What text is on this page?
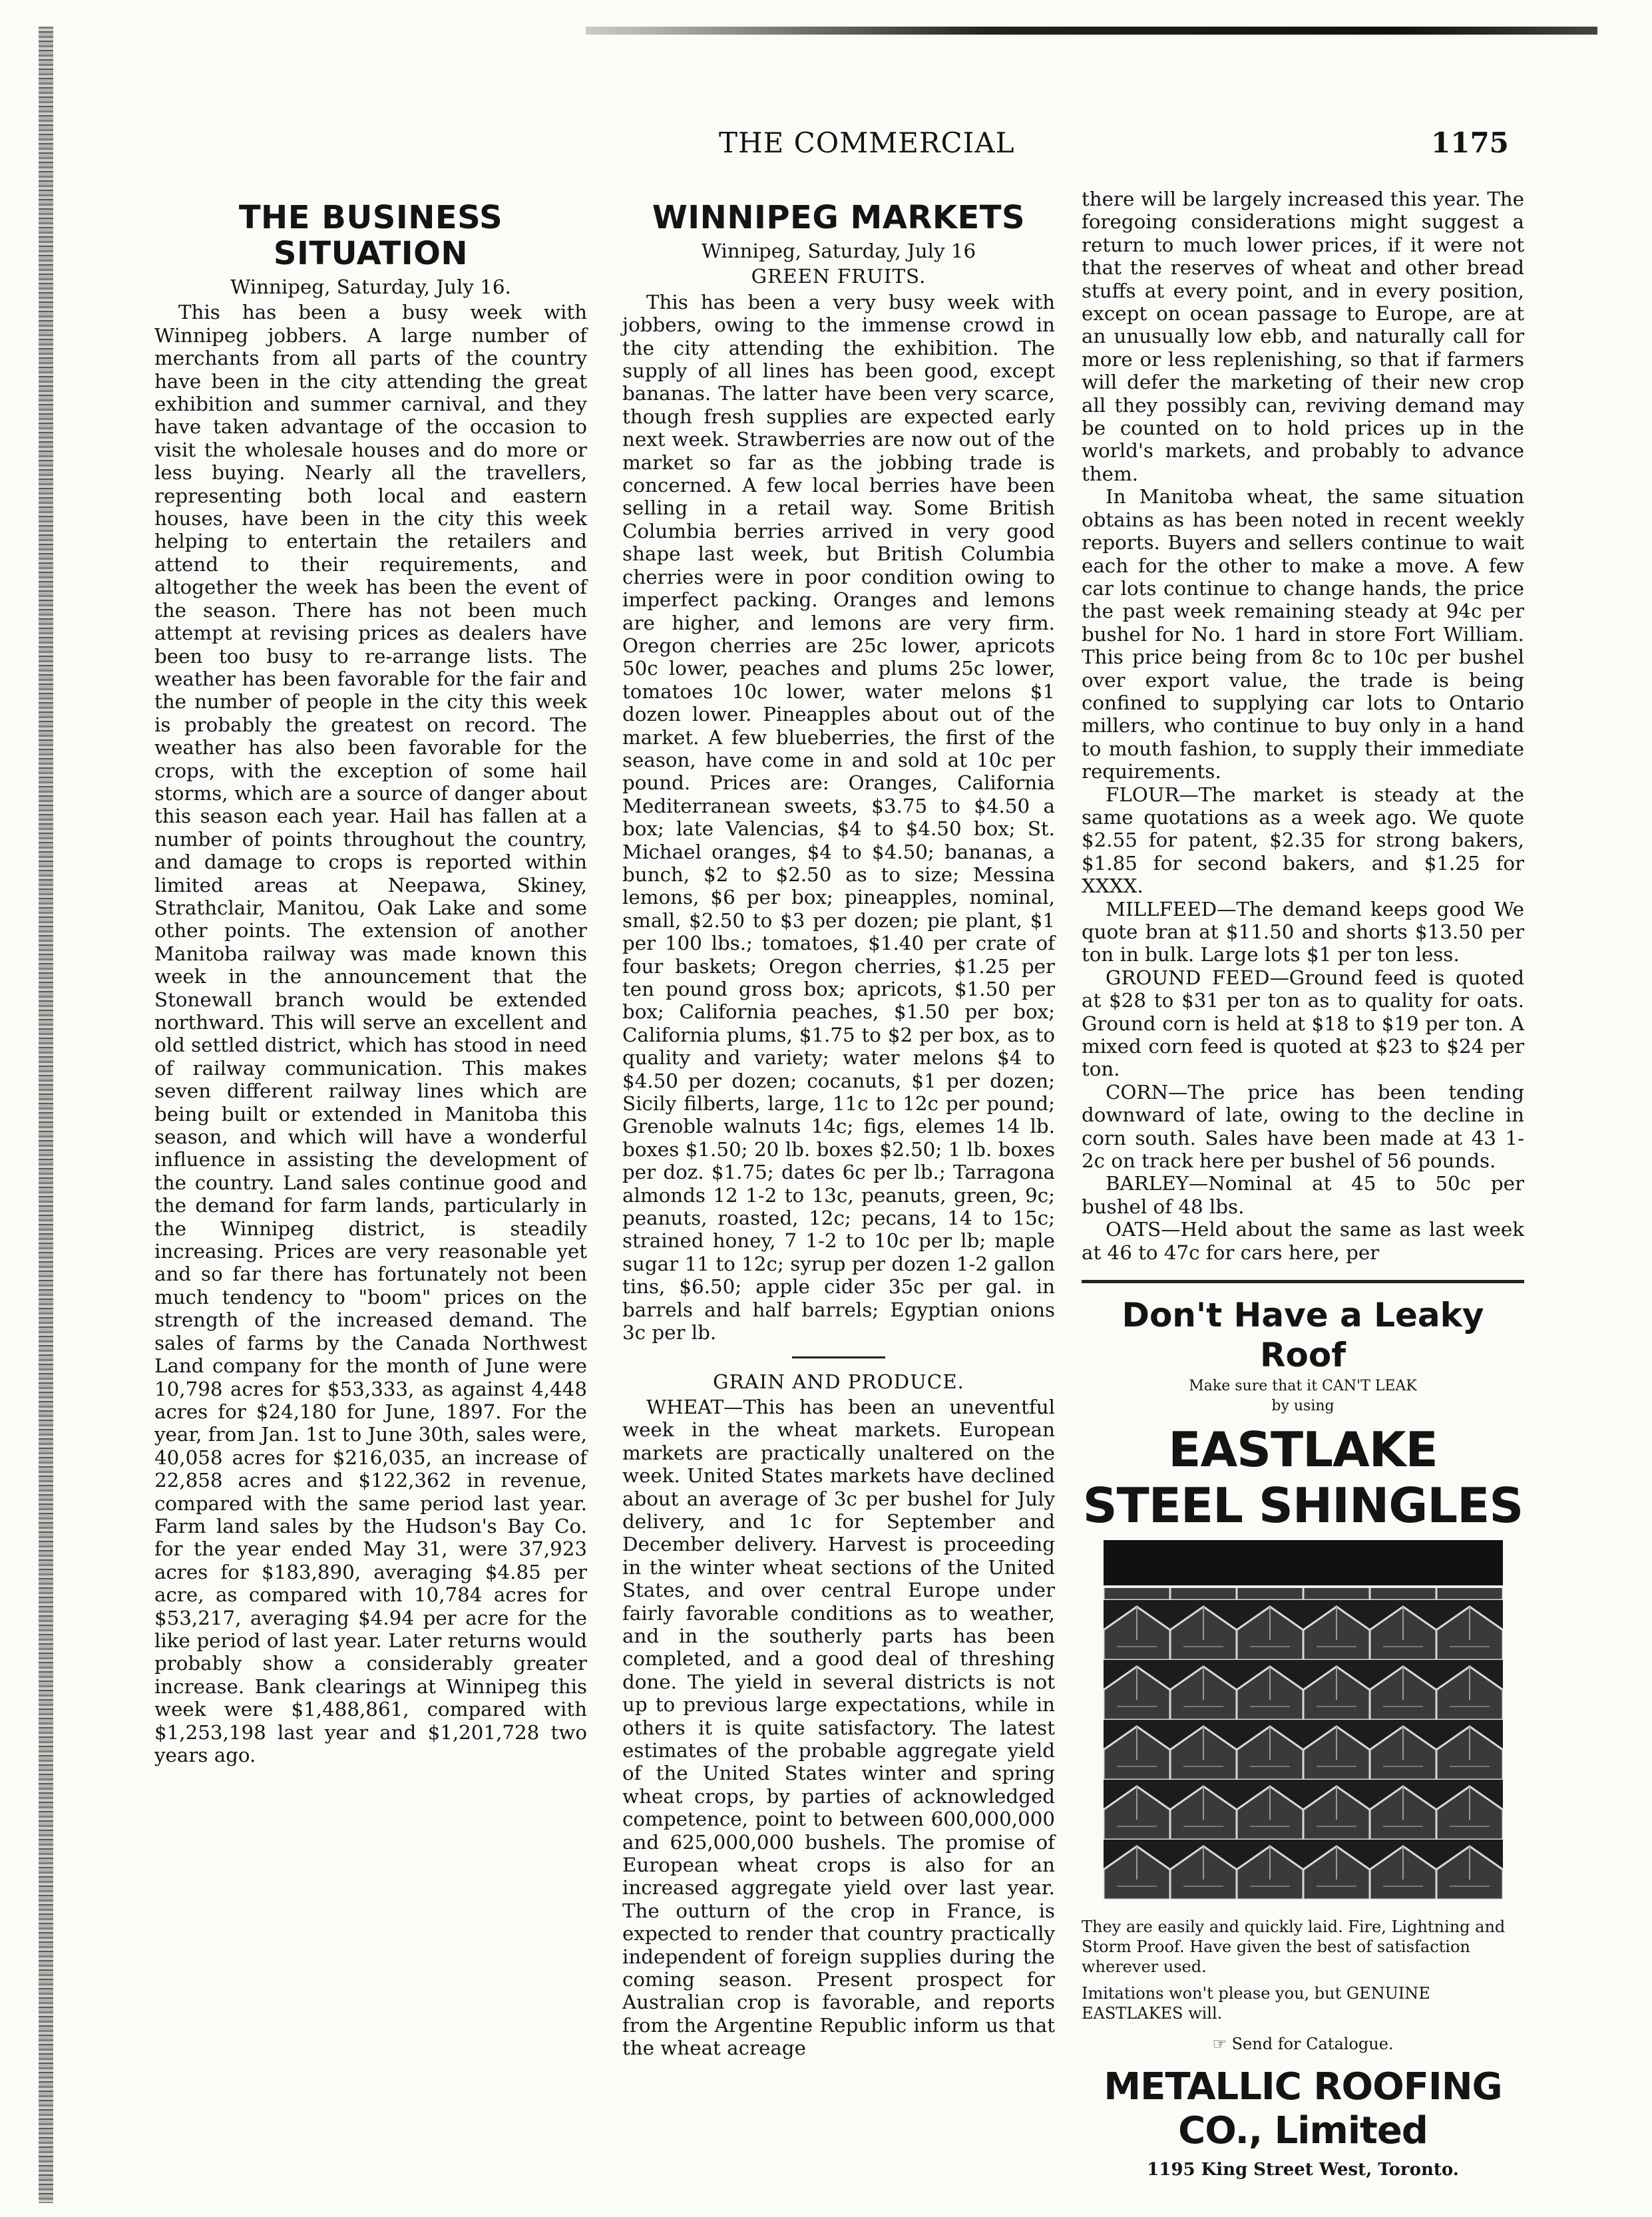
THE COMMERCIAL	1175
THE BUSINESS SITUATION
Winnipeg, Saturday, July 16.

This has been a busy week with Winnipeg jobbers. A large number of merchants from all parts of the country have been in the city attending the great exhibition and summer carnival, and they have taken advantage of the occasion to visit the wholesale houses and do more or less buying. Nearly all the travellers, representing both local and eastern houses, have been in the city this week helping to entertain the retailers and attend to their requirements, and altogether the week has been the event of the season. There has not been much attempt at revising prices as dealers have been too busy to re-arrange lists. The weather has been favorable for the fair and the number of people in the city this week is probably the greatest on record. The weather has also been favorable for the crops, with the exception of some hail storms, which are a source of danger about this season each year. Hail has fallen at a number of points throughout the country, and damage to crops is reported within limited areas at Neepawa, Skiney, Strathclair, Manitou, Oak Lake and some other points. The extension of another Manitoba railway was made known this week in the announcement that the Stonewall branch would be extended northward. This will serve an excellent and old settled district, which has stood in need of railway communication. This makes seven different railway lines which are being built or extended in Manitoba this season, and which will have a wonderful influence in assisting the development of the country. Land sales continue good and the demand for farm lands, particularly in the Winnipeg district, is steadily increasing. Prices are very reasonable yet and so far there has fortunately not been much tendency to "boom" prices on the strength of the increased demand. The sales of farms by the Canada Northwest Land company for the month of June were 10,798 acres for $53,333, as against 4,448 acres for $24,180 for June, 1897. For the year, from Jan. 1st to June 30th, sales were, 40,058 acres for $216,035, an increase of 22,858 acres and $122,362 in revenue, compared with the same period last year. Farm land sales by the Hudson's Bay Co. for the year ended May 31, were 37,923 acres for $183,890, averaging $4.85 per acre, as compared with 10,784 acres for $53,217, averaging $4.94 per acre for the like period of last year. Later returns would probably show a considerably greater increase. Bank clearings at Winnipeg this week were $1,488,861, compared with $1,253,198 last year and $1,201,728 two years ago.

WINNIPEG MARKETS
Winnipeg, Saturday, July 16
GREEN FRUITS.

This has been a very busy week with jobbers, owing to the immense crowd in the city attending the exhibition. The supply of all lines has been good, except bananas. The latter have been very scarce, though fresh supplies are expected early next week. Strawberries are now out of the market so far as the jobbing trade is concerned. A few local berries have been selling in a retail way. Some British Columbia berries arrived in very good shape last week, but British Columbia cherries were in poor condition owing to imperfect packing. Oranges and lemons are higher, and lemons are very firm. Oregon cherries are 25c lower, apricots 50c lower, peaches and plums 25c lower, tomatoes 10c lower, water melons $1 dozen lower. Pineapples about out of the market. A few blueberries, the first of the season, have come in and sold at 10c per pound. Prices are: Oranges, California Mediterranean sweets, $3.75 to $4.50 a box; late Valencias, $4 to $4.50 box; St. Michael oranges, $4 to $4.50; bananas, a bunch, $2 to $2.50 as to size; Messina lemons, $6 per box; pineapples, nominal, small, $2.50 to $3 per dozen; pie plant, $1 per 100 lbs.; tomatoes, $1.40 per crate of four baskets; Oregon cherries, $1.25 per ten pound gross box; apricots, $1.50 per box; California peaches, $1.50 per box; California plums, $1.75 to $2 per box, as to quality and variety; water melons $4 to $4.50 per dozen; cocanuts, $1 per dozen; Sicily filberts, large, 11c to 12c per pound; Grenoble walnuts 14c; figs, elemes 14 lb. boxes $1.50; 20 lb. boxes $2.50; 1 lb. boxes per doz. $1.75; dates 6c per lb.; Tarragona almonds 12 1-2 to 13c, peanuts, green, 9c; peanuts, roasted, 12c; pecans, 14 to 15c; strained honey, 7 1-2 to 10c per lb; maple sugar 11 to 12c; syrup per dozen 1-2 gallon tins, $6.50; apple cider 35c per gal. in barrels and half barrels; Egyptian onions 3c per lb.

GRAIN AND PRODUCE.

WHEAT—This has been an uneventful week in the wheat markets. European markets are practically unaltered on the week. United States markets have declined about an average of 3c per bushel for July delivery, and 1c for September and December delivery. Harvest is proceeding in the winter wheat sections of the United States, and over central Europe under fairly favorable conditions as to weather, and in the southerly parts has been completed, and a good deal of threshing done. The yield in several districts is not up to previous large expectations, while in others it is quite satisfactory. The latest estimates of the probable aggregate yield of the United States winter and spring wheat crops, by parties of acknowledged competence, point to between 600,000,000 and 625,000,000 bushels. The promise of European wheat crops is also for an increased aggregate yield over last year. The outturn of the crop in France, is expected to render that country practically independent of foreign supplies during the coming season. Present prospect for Australian crop is favorable, and reports from the Argentine Republic inform us that the wheat acreage

there will be largely increased this year. The foregoing considerations might suggest a return to much lower prices, if it were not that the reserves of wheat and other bread stuffs at every point, and in every position, except on ocean passage to Europe, are at an unusually low ebb, and naturally call for more or less replenishing, so that if farmers will defer the marketing of their new crop all they possibly can, reviving demand may be counted on to hold prices up in the world's markets, and probably to advance them.

In Manitoba wheat, the same situation obtains as has been noted in recent weekly reports. Buyers and sellers continue to wait each for the other to make a move. A few car lots continue to change hands, the price the past week remaining steady at 94c per bushel for No. 1 hard in store Fort William. This price being from 8c to 10c per bushel over export value, the trade is being confined to supplying car lots to Ontario millers, who continue to buy only in a hand to mouth fashion, to supply their immediate requirements.

FLOUR—The market is steady at the same quotations as a week ago. We quote $2.55 for patent, $2.35 for strong bakers, $1.85 for second bakers, and $1.25 for XXXX.

MILLFEED—The demand keeps good We quote bran at $11.50 and shorts $13.50 per ton in bulk. Large lots $1 per ton less.

GROUND FEED—Ground feed is quoted at $28 to $31 per ton as to quality for oats. Ground corn is held at $18 to $19 per ton. A mixed corn feed is quoted at $23 to $24 per ton.

CORN—The price has been tending downward of late, owing to the decline in corn south. Sales have been made at 43 1-2c on track here per bushel of 56 pounds.

BARLEY—Nominal at 45 to 50c per bushel of 48 lbs.

OATS—Held about the same as last week at 46 to 47c for cars here, per

Don't Have a Leaky Roof
Make sure that it CAN'T LEAK
by using
EASTLAKE STEEL SHINGLES
They are easily and quickly laid. Fire, Lightning and Storm Proof. Have given the best of satisfaction wherever used.
Imitations won't please you, but GENUINE EASTLAKES will.
☞ Send for Catalogue.
METALLIC ROOFING CO., Limited
1195 King Street West, Toronto.
